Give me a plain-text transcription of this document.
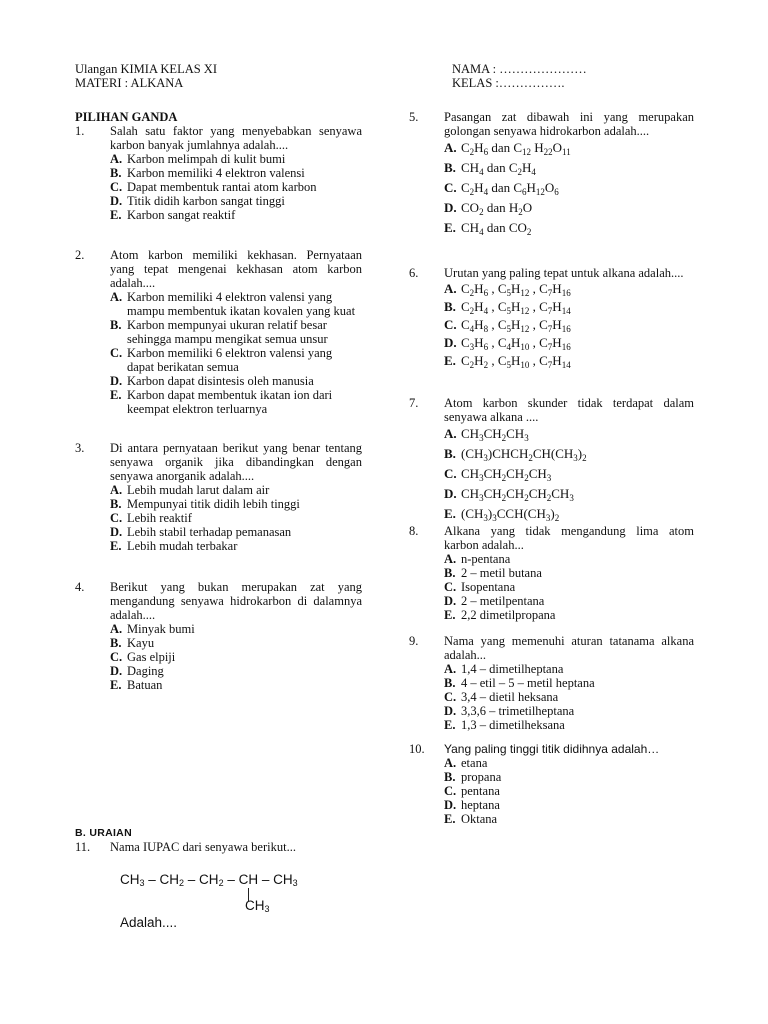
Ulangan KIMIA KELAS XI
MATERI : ALKANA
NAMA : …………………
KELAS :…………….
PILIHAN GANDA
1.	Salah satu faktor yang menyebabkan senyawa karbon banyak jumlahnya adalah....
A. Karbon melimpah di kulit bumi
B. Karbon memiliki 4 elektron valensi
C. Dapat membentuk rantai atom karbon
D. Titik didih karbon sangat tinggi
E. Karbon sangat reaktif
2.	Atom karbon memiliki kekhasan. Pernyataan yang tepat mengenai kekhasan atom karbon adalah....
A. Karbon memiliki 4 elektron valensi yang mampu membentuk ikatan kovalen yang kuat
B. Karbon mempunyai ukuran relatif besar sehingga mampu mengikat semua unsur
C. Karbon memiliki 6 elektron valensi yang dapat berikatan semua
D. Karbon dapat disintesis oleh manusia
E. Karbon dapat membentuk ikatan ion dari keempat elektron terluarnya
3.	Di antara pernyataan berikut yang benar tentang senyawa organik jika dibandingkan dengan senyawa anorganik adalah....
A. Lebih mudah larut dalam air
B. Mempunyai titik didih lebih tinggi
C. Lebih reaktif
D. Lebih stabil terhadap pemanasan
E. Lebih mudah terbakar
4.	Berikut yang bukan merupakan zat yang mengandung senyawa hidrokarbon di dalamnya adalah....
A. Minyak bumi
B. Kayu
C. Gas elpiji
D. Daging
E. Batuan
5.	Pasangan zat dibawah ini yang merupakan golongan senyawa hidrokarbon adalah....
A. $C_2H_6$ dan $C_{12}$ $H_{22}O_{11}$
B. $CH_4$ dan $C_2H_4$
C. $C_2H_4$ dan $C_6H_{12}O_6$
D. $CO_2$ dan $H_2O$
E. $CH_4$ dan $CO_2$
6.	Urutan yang paling tepat untuk alkana adalah....
A. $C_2H_6$ , $C_5H_{12}$ , $C_7H_{16}$
B. $C_2H_4$ , $C_5H_{12}$ , $C_7H_{14}$
C. $C_4H_8$ , $C_5H_{12}$ , $C_7H_{16}$
D. $C_3H_6$ , $C_4H_{10}$ , $C_7H_{16}$
E. $C_2H_2$ , $C_5H_{10}$ , $C_7H_{14}$
7.	Atom karbon skunder tidak terdapat dalam senyawa alkana ....
A. $CH_3CH_2CH_3$
B. $(CH_3)CHCH_2CH(CH_3)_2$
C. $CH_3CH_2CH_2CH_3$
D. $CH_3CH_2CH_2CH_2CH_3$
E. $(CH_3)_3CCH(CH_3)_2$
8.	Alkana yang tidak mengandung lima atom karbon adalah...
A. n-pentana
B. 2 – metil butana
C. Isopentana
D. 2 – metilpentana
E. 2,2 dimetilpropana
9.	Nama yang memenuhi aturan tatanama alkana adalah...
A. 1,4 – dimetilheptana
B. 4 – etil – 5 – metil heptana
C. 3,4 – dietil heksana
D. 3,3,6 – trimetilheptana
E. 1,3 – dimetilheksana
10.	Yang paling tinggi titik didihnya adalah…
A. etana
B. propana
C. pentana
D. heptana
E. Oktana
B. URAIAN
11.	Nama IUPAC dari senyawa berikut...
$CH_3 - CH_2 - CH_2$ – CH – $CH_3$
$CH_3$
Adalah....
